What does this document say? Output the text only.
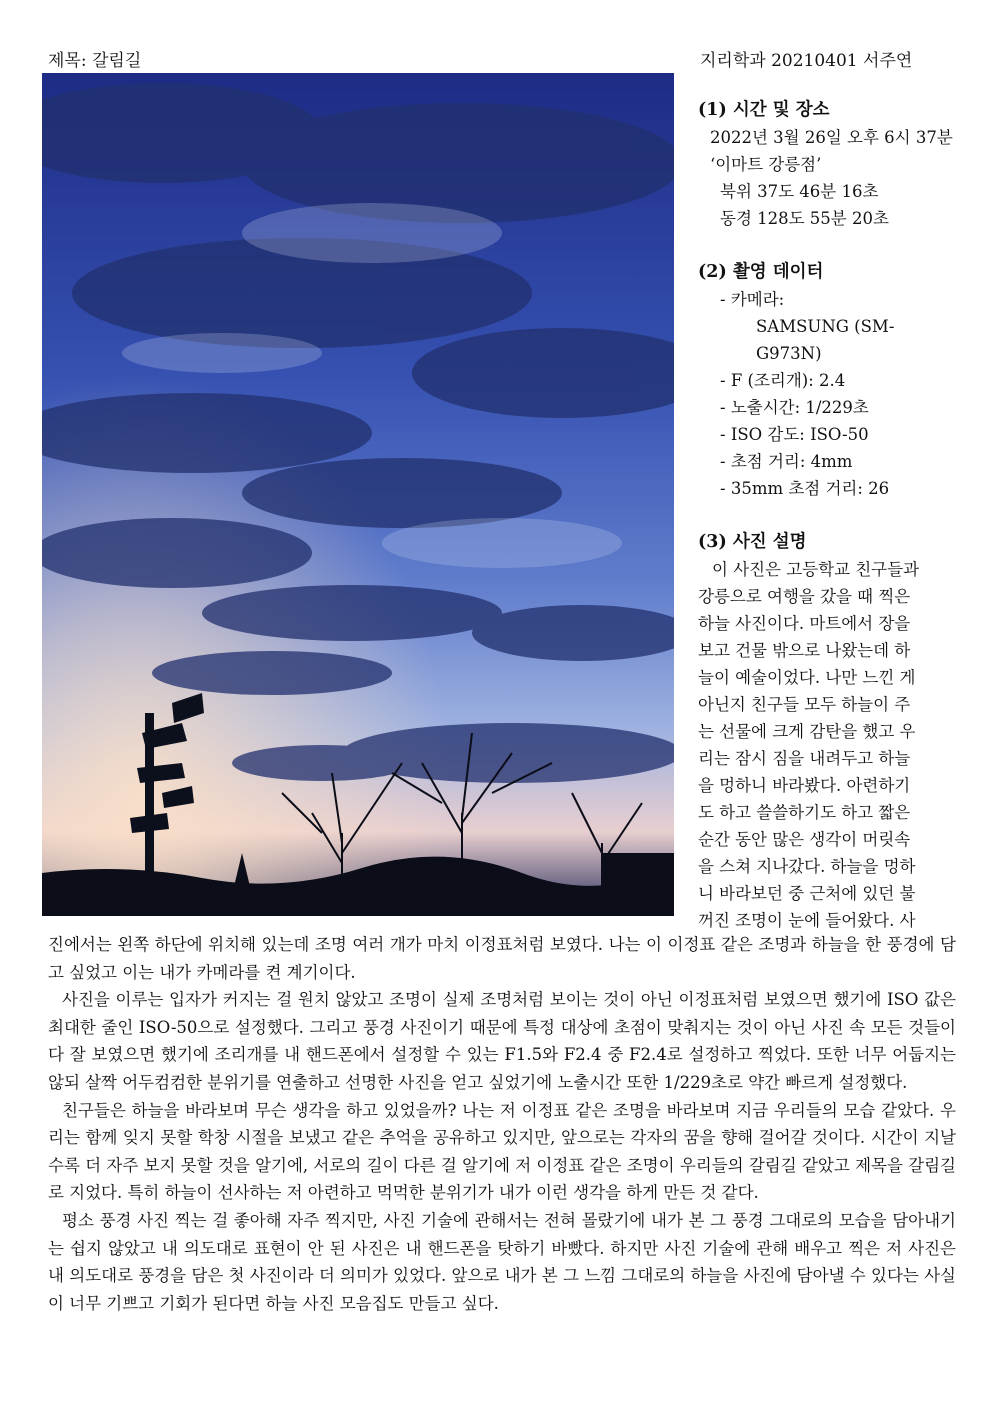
제목: 갈림길	지리학과 20210401 서주연

(1) 시간 및 장소

2022년 3월 26일 오후 6시 37분

‘이마트 강릉점’

북위 37도 46분 16초

동경 128도 55분 20초

(2) 촬영 데이터

- 카메라:

SAMSUNG (SM-G973N)

- F (조리개): 2.4

- 노출시간: 1/229초

- ISO 감도: ISO-50

- 초점 거리: 4mm

- 35mm 초점 거리: 26

(3) 사진 설명

이 사진은 고등학교 친구들과

강릉으로 여행을 갔을 때 찍은

하늘 사진이다. 마트에서 장을

보고 건물 밖으로 나왔는데 하

늘이 예술이었다. 나만 느낀 게

아닌지 친구들 모두 하늘이 주

는 선물에 크게 감탄을 했고 우

리는 잠시 짐을 내려두고 하늘

을 멍하니 바라봤다. 아련하기

도 하고 쓸쓸하기도 하고 짧은

순간 동안 많은 생각이 머릿속

을 스쳐 지나갔다. 하늘을 멍하

니 바라보던 중 근처에 있던 불

꺼진 조명이 눈에 들어왔다. 사

진에서는 왼쪽 하단에 위치해 있는데 조명 여러 개가 마치 이정표처럼 보였다. 나는 이 이정표 같은 조명과 하늘을 한 풍경에 담고 싶었고 이는 내가 카메라를 켠 계기이다.

사진을 이루는 입자가 커지는 걸 원치 않았고 조명이 실제 조명처럼 보이는 것이 아닌 이정표처럼 보였으면 했기에 ISO 값은 최대한 줄인 ISO-50으로 설정했다. 그리고 풍경 사진이기 때문에 특정 대상에 초점이 맞춰지는 것이 아닌 사진 속 모든 것들이 다 잘 보였으면 했기에 조리개를 내 핸드폰에서 설정할 수 있는 F1.5와 F2.4 중 F2.4로 설정하고 찍었다. 또한 너무 어둡지는 않되 살짝 어두컴컴한 분위기를 연출하고 선명한 사진을 얻고 싶었기에 노출시간 또한 1/229초로 약간 빠르게 설정했다.

친구들은 하늘을 바라보며 무슨 생각을 하고 있었을까? 나는 저 이정표 같은 조명을 바라보며 지금 우리들의 모습 같았다. 우리는 함께 잊지 못할 학창 시절을 보냈고 같은 추억을 공유하고 있지만, 앞으로는 각자의 꿈을 향해 걸어갈 것이다. 시간이 지날수록 더 자주 보지 못할 것을 알기에, 서로의 길이 다른 걸 알기에 저 이정표 같은 조명이 우리들의 갈림길 같았고 제목을 갈림길로 지었다. 특히 하늘이 선사하는 저 아련하고 먹먹한 분위기가 내가 이런 생각을 하게 만든 것 같다.

평소 풍경 사진 찍는 걸 좋아해 자주 찍지만, 사진 기술에 관해서는 전혀 몰랐기에 내가 본 그 풍경 그대로의 모습을 담아내기는 쉽지 않았고 내 의도대로 표현이 안 된 사진은 내 핸드폰을 탓하기 바빴다. 하지만 사진 기술에 관해 배우고 찍은 저 사진은 내 의도대로 풍경을 담은 첫 사진이라 더 의미가 있었다. 앞으로 내가 본 그 느낌 그대로의 하늘을 사진에 담아낼 수 있다는 사실이 너무 기쁘고 기회가 된다면 하늘 사진 모음집도 만들고 싶다.
